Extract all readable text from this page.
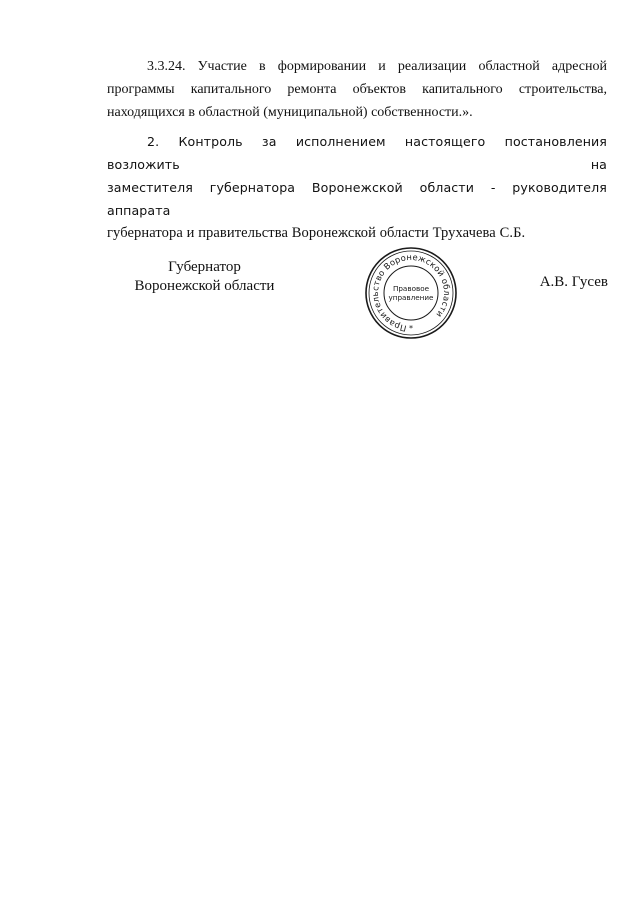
3.3.24. Участие в формировании и реализации областной адресной
программы капитального ремонта объектов капитального строительства,
находящихся в областной (муниципальной) собственности.».
2. Контроль за исполнением настоящего постановления возложить на
заместителя губернатора Воронежской области - руководителя аппарата
губернатора и правительства Воронежской области Трухачева С.Б.
Губернатор
Воронежской области
Правительство Воронежской области
Правовое
управление
*
А.В. Гусев
